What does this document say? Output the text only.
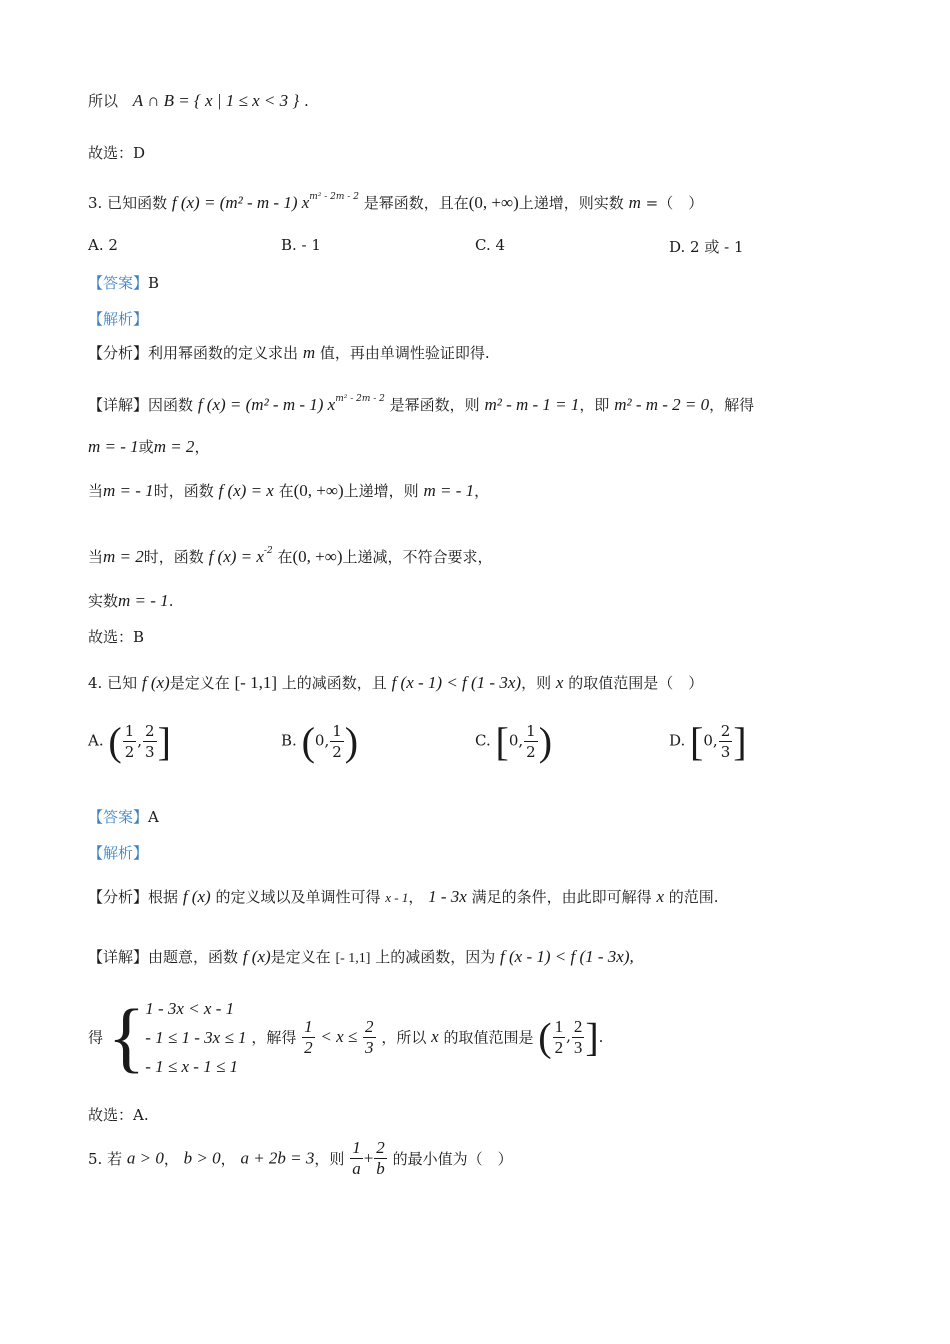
所以 A ∩ B = { x | 1 ≤ x < 3 } .
故选：D
3. 已知函数 f (x) = (m² - m - 1) $x^{m^2 - 2m - 2}$ 是幂函数，且在(0, +∞)上递增，则实数 m =（　）
A. 2	B. - 1	C. 4	D. 2 或 - 1
【答案】B
【解析】
【分析】利用幂函数的定义求出 m 值，再由单调性验证即得.
【详解】因函数 f (x) = (m² - m - 1) $x^{m^2 - 2m - 2}$ 是幂函数，则 m² - m - 1 = 1，即 m² - m - 2 = 0，解得
m = - 1或m = 2，
当m = - 1时，函数 f (x) = x 在(0, +∞)上递增，则 m = - 1，
当m = 2时，函数 f $(x) = x^{-2}$ 在(0, +∞)上递减，不符合要求，
实数m = - 1.
故选：B
4. 已知 f (x)是定义在 [- 1,1] 上的减函数，且 f (x - 1) < f (1 - 3x)，则 x 的取值范围是（　）
A. ( $\frac{1}{2}$ , $\frac{2}{3}$ ]	B. (0, $\frac{1}{2}$ )	C. [0, $\frac{1}{2}$ )	D. [0, $\frac{2}{3}$ ]
【答案】A
【解析】
【分析】根据 f (x) 的定义域以及单调性可得 x - 1， 1 - 3x 满足的条件，由此即可解得 x 的范围.
【详解】由题意，函数 f (x)是定义在 [- 1,1] 上的减函数，因为 f (x - 1) < f (1 - 3x),
得 { 1 - 3x < x - 1
- 1 ≤ 1 - 3x ≤ 1
- 1 ≤ x - 1 ≤ 1
，解得 $\frac{1}{2} < x \le \frac{2}{3}$ ，所以 x 的取值范围是 ( $\frac{1}{2}$ , $\frac{2}{3}$ ].
故选：A.
5. 若 a > 0， b > 0， a + 2b = 3，则 $\frac{1}{a} + \frac{2}{b}$ 的最小值为（　）
